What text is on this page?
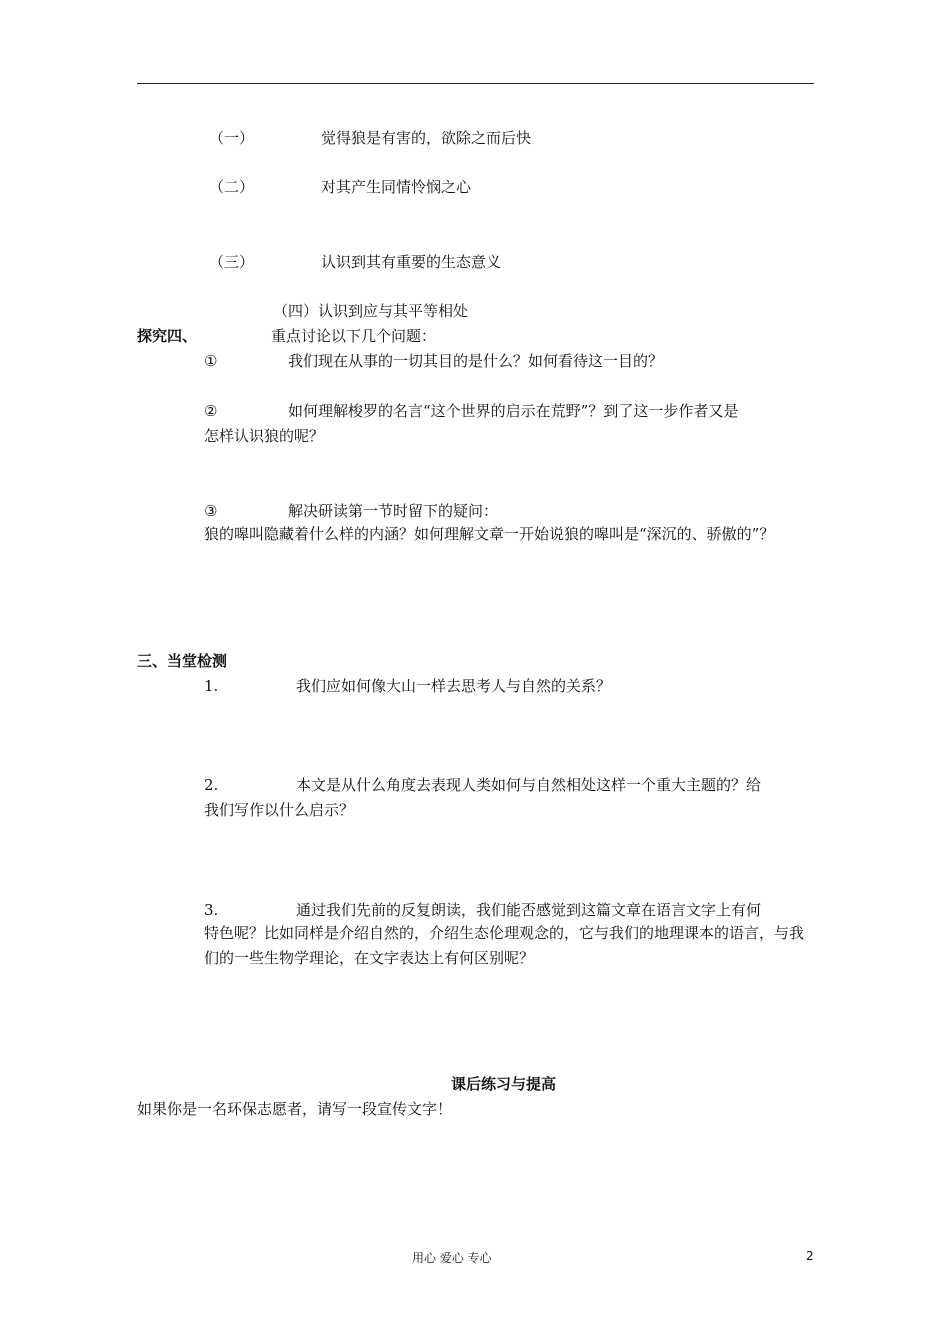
（一）	觉得狼是有害的，欲除之而后快
（二）	对其产生同情怜悯之心
（三）	认识到其有重要的生态意义
（四）认识到应与其平等相处
探究四、	重点讨论以下几个问题：
①	我们现在从事的一切其目的是什么？如何看待这一目的？
②	如何理解梭罗的名言“这个世界的启示在荒野”？到了这一步作者又是
怎样认识狼的呢？
③	解决研读第一节时留下的疑问：
狼的嗥叫隐藏着什么样的内涵？如何理解文章一开始说狼的嗥叫是“深沉的、骄傲的”？
三、当堂检测
1.	我们应如何像大山一样去思考人与自然的关系？
2.	本文是从什么角度去表现人类如何与自然相处这样一个重大主题的？给
我们写作以什么启示？
3.	通过我们先前的反复朗读，我们能否感觉到这篇文章在语言文字上有何
特色呢？比如同样是介绍自然的，介绍生态伦理观念的，它与我们的地理课本的语言，与我们的一些生物学理论，在文字表达上有何区别呢？
课后练习与提高
如果你是一名环保志愿者，请写一段宣传文字！
用心 爱心 专心	2
